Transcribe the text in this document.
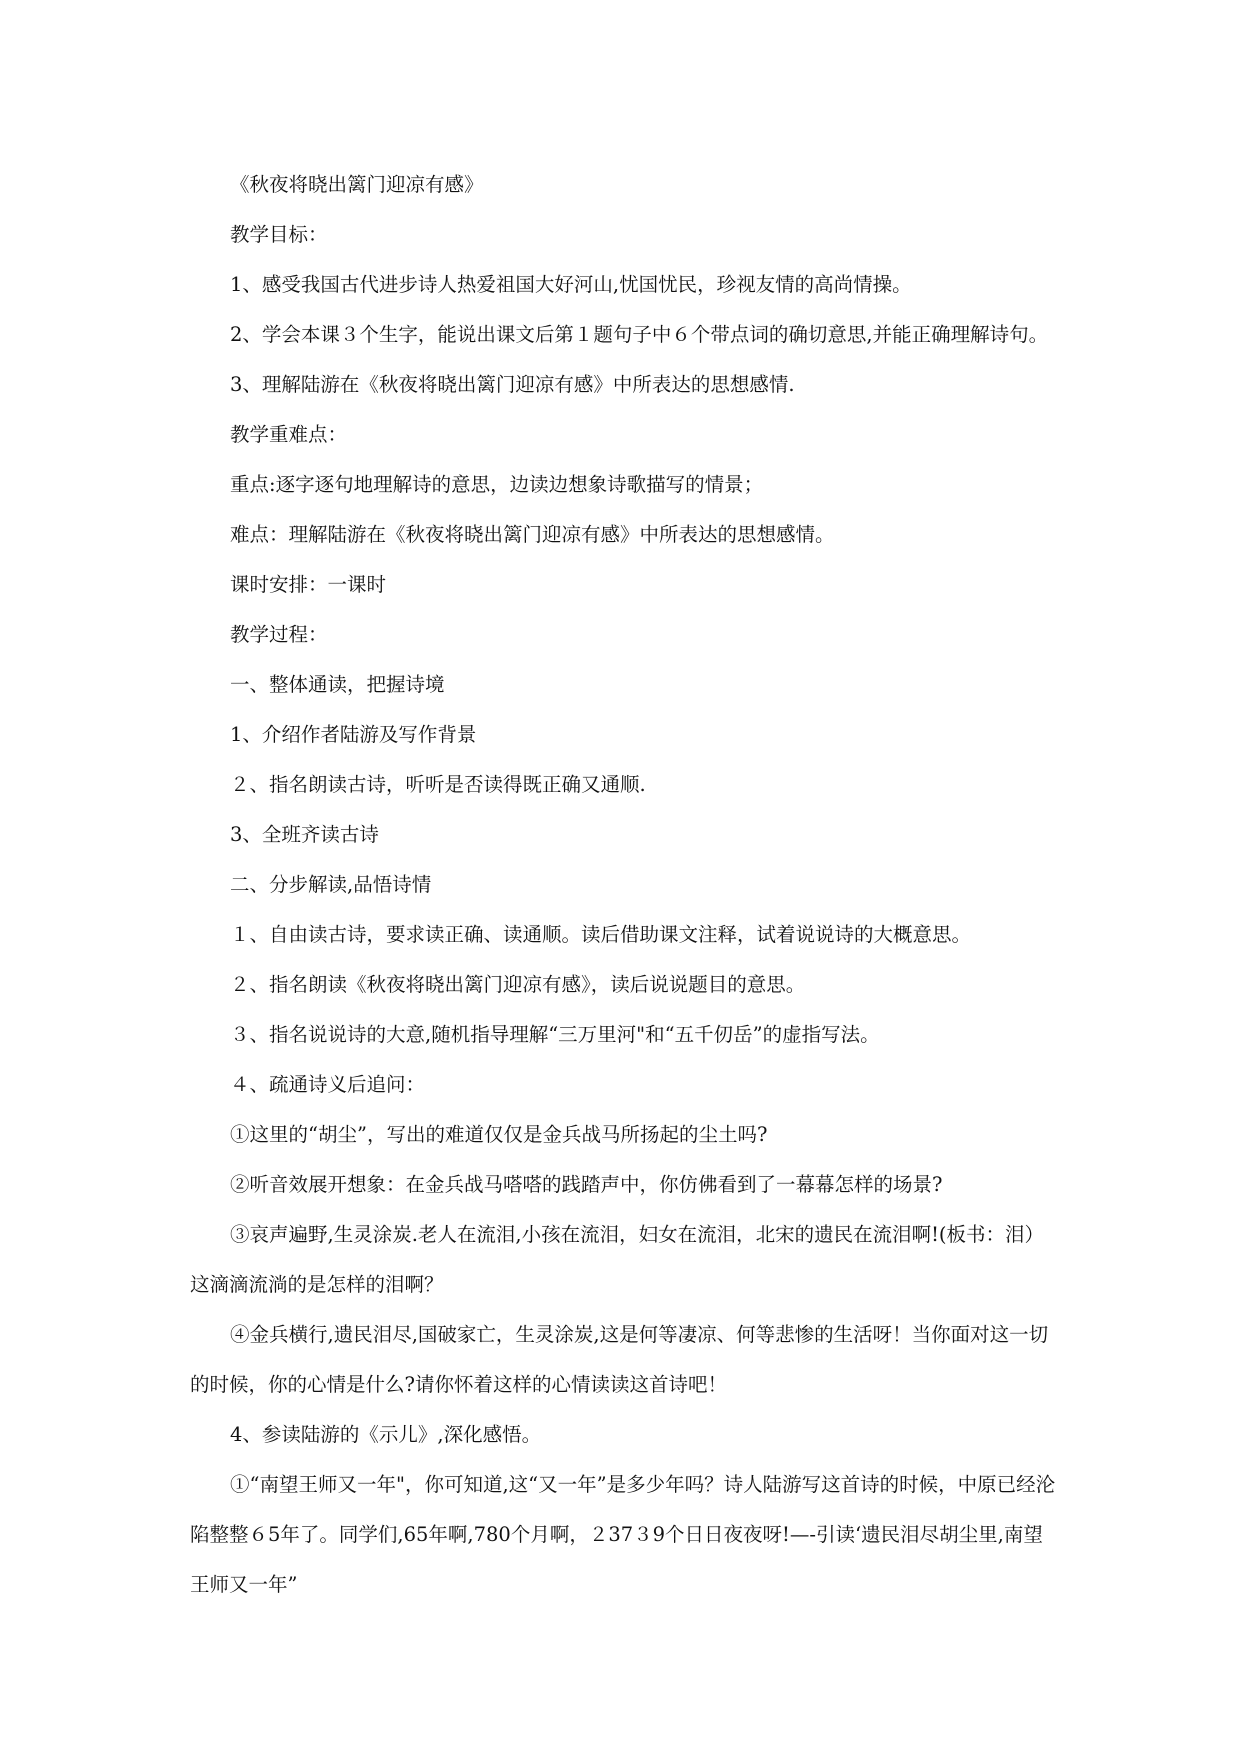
《秋夜将晓出篱门迎凉有感》

教学目标：

1、感受我国古代进步诗人热爱祖国大好河山,忧国忧民，珍视友情的高尚情操。

2、学会本课３个生字，能说出课文后第１题句子中６个带点词的确切意思,并能正确理解诗句。

3、理解陆游在《秋夜将晓出篱门迎凉有感》中所表达的思想感情.

教学重难点：

重点:逐字逐句地理解诗的意思，边读边想象诗歌描写的情景；

难点：理解陆游在《秋夜将晓出篱门迎凉有感》中所表达的思想感情。

课时安排：一课时

教学过程：

一、整体通读，把握诗境

1、介绍作者陆游及写作背景

２、指名朗读古诗，听听是否读得既正确又通顺.

3、全班齐读古诗

二、分步解读,品悟诗情

１、自由读古诗，要求读正确、读通顺。读后借助课文注释，试着说说诗的大概意思。

２、指名朗读《秋夜将晓出篱门迎凉有感》，读后说说题目的意思。

３、指名说说诗的大意,随机指导理解“三万里河"和“五千仞岳”的虚指写法。

４、疏通诗义后追问：

①这里的“胡尘”，写出的难道仅仅是金兵战马所扬起的尘土吗?

②听音效展开想象：在金兵战马嗒嗒的践踏声中，你仿佛看到了一幕幕怎样的场景?

③哀声遍野,生灵涂炭.老人在流泪,小孩在流泪，妇女在流泪，北宋的遗民在流泪啊!(板书：泪）这滴滴流淌的是怎样的泪啊？

④金兵横行,遗民泪尽,国破家亡，生灵涂炭,这是何等凄凉、何等悲惨的生活呀！当你面对这一切的时候，你的心情是什么?请你怀着这样的心情读读这首诗吧！

4、参读陆游的《示儿》,深化感悟。

①“南望王师又一年"，你可知道,这“又一年”是多少年吗？诗人陆游写这首诗的时候，中原已经沦陷整整６5年了。同学们,65年啊,780个月啊，２37３9个日日夜夜呀!—-引读‘遗民泪尽胡尘里,南望王师又一年”
